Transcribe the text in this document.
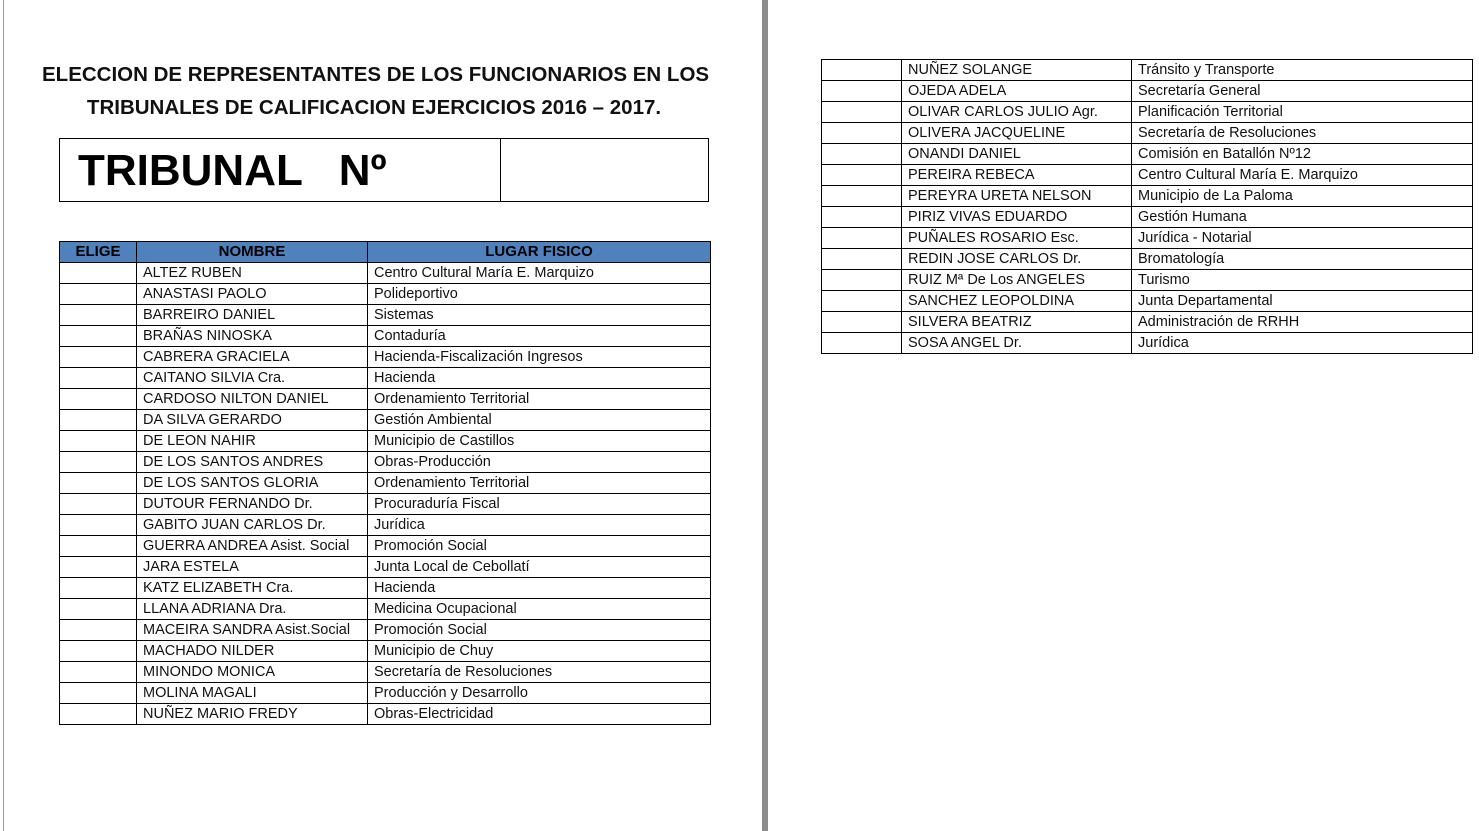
ELECCION DE REPRESENTANTES DE LOS FUNCIONARIOS EN LOS
TRIBUNALES DE CALIFICACION EJERCICIOS 2016 – 2017.
TRIBUNAL   Nº
ELIGE	NOMBRE	LUGAR FISICO
	ALTEZ RUBEN	Centro Cultural María E. Marquizo
	ANASTASI PAOLO	Polideportivo
	BARREIRO DANIEL	Sistemas
	BRAÑAS NINOSKA	Contaduría
	CABRERA GRACIELA	Hacienda-Fiscalización Ingresos
	CAITANO SILVIA Cra.	Hacienda
	CARDOSO NILTON DANIEL	Ordenamiento Territorial
	DA SILVA GERARDO	Gestión Ambiental
	DE LEON NAHIR	Municipio de Castillos
	DE LOS SANTOS ANDRES	Obras-Producción
	DE LOS SANTOS GLORIA	Ordenamiento Territorial
	DUTOUR FERNANDO Dr.	Procuraduría Fiscal
	GABITO JUAN CARLOS Dr.	Jurídica
	GUERRA ANDREA Asist. Social	Promoción Social
	JARA ESTELA	Junta Local de Cebollatí
	KATZ ELIZABETH Cra.	Hacienda
	LLANA ADRIANA Dra.	Medicina Ocupacional
	MACEIRA SANDRA Asist.Social	Promoción Social
	MACHADO NILDER	Municipio de Chuy
	MINONDO MONICA	Secretaría de Resoluciones
	MOLINA MAGALI	Producción y Desarrollo
	NUÑEZ MARIO FREDY	Obras-Electricidad
	NUÑEZ SOLANGE	Tránsito y Transporte
	OJEDA ADELA	Secretaría General
	OLIVAR CARLOS JULIO Agr.	Planificación Territorial
	OLIVERA JACQUELINE	Secretaría de Resoluciones
	ONANDI DANIEL	Comisión en Batallón Nº12
	PEREIRA REBECA	Centro Cultural María E. Marquizo
	PEREYRA URETA NELSON	Municipio de La Paloma
	PIRIZ VIVAS EDUARDO	Gestión Humana
	PUÑALES ROSARIO Esc.	Jurídica - Notarial
	REDIN JOSE CARLOS Dr.	Bromatología
	RUIZ Mª De Los ANGELES	Turismo
	SANCHEZ LEOPOLDINA	Junta Departamental
	SILVERA BEATRIZ	Administración de RRHH
	SOSA ANGEL Dr.	Jurídica
